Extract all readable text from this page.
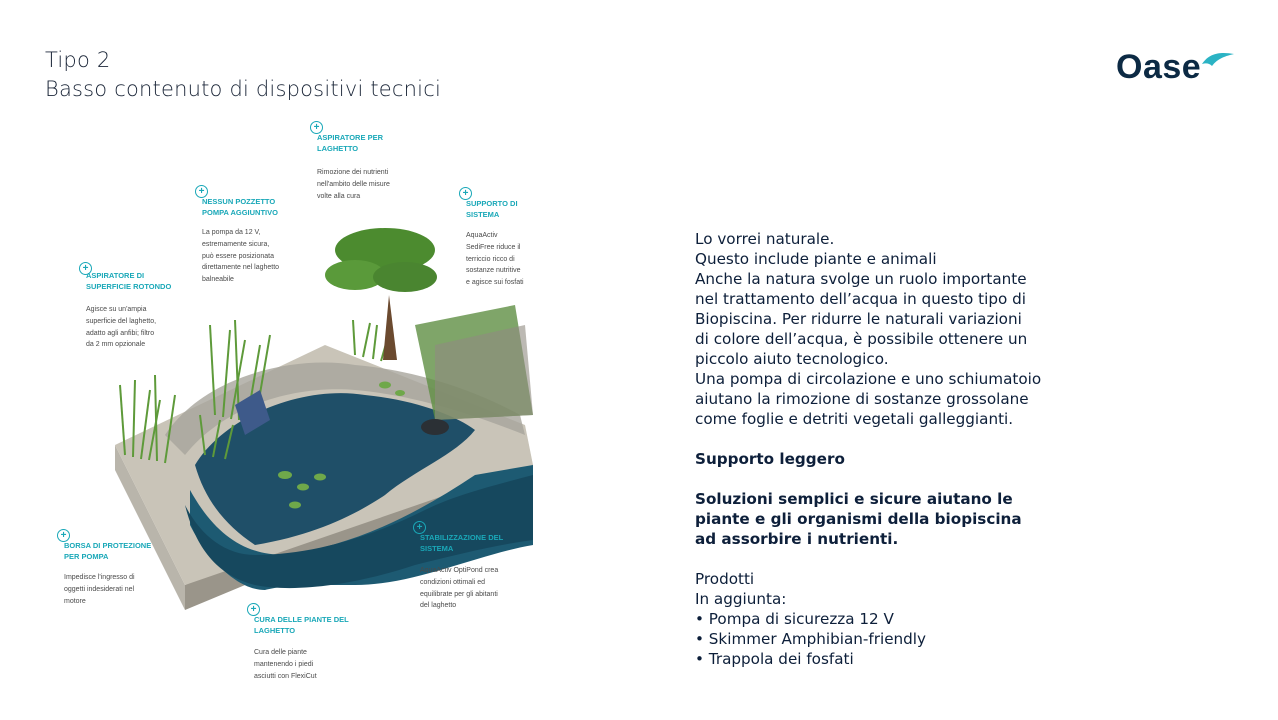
Tipo 2
Basso contenuto di dispositivi tecnici
Oase
+
ASPIRATORE PER
LAGHETTO
Rimozione dei nutrienti
nell'ambito delle misure
volte alla cura
+
NESSUN POZZETTO
POMPA AGGIUNTIVO
La pompa da 12 V,
estremamente sicura,
può essere posizionata
direttamente nel laghetto
balneabile
+
SUPPORTO DI
SISTEMA
AquaActiv
SediFree riduce il
terriccio ricco di
sostanze nutritive
e agisce sui fosfati
+
ASPIRATORE DI
SUPERFICIE ROTONDO
Agisce su un'ampia
superficie del laghetto,
adatto agli anfibi; filtro
da 2 mm opzionale
+
BORSA DI PROTEZIONE
PER POMPA
Impedisce l'ingresso di
oggetti indesiderati nel
motore
+
STABILIZZAZIONE DEL
SISTEMA
AquaActiv OptiPond crea
condizioni ottimali ed
equilibrate per gli abitanti
del laghetto
+
CURA DELLE PIANTE DEL
LAGHETTO
Cura delle piante
mantenendo i piedi
asciutti con FlexiCut
Lo vorrei naturale.
Questo include piante e animali
Anche la natura svolge un ruolo importante
nel trattamento dell’acqua in questo tipo di
Biopiscina. Per ridurre le naturali variazioni
di colore dell’acqua, è possibile ottenere un
piccolo aiuto tecnologico.
Una pompa di circolazione e uno schiumatoio
aiutano la rimozione di sostanze grossolane
come foglie e detriti vegetali galleggianti.
Supporto leggero
Soluzioni semplici e sicure aiutano le
piante e gli organismi della biopiscina
ad assorbire i nutrienti.
Prodotti
In aggiunta:
• Pompa di sicurezza 12 V
• Skimmer Amphibian-friendly
• Trappola dei fosfati
